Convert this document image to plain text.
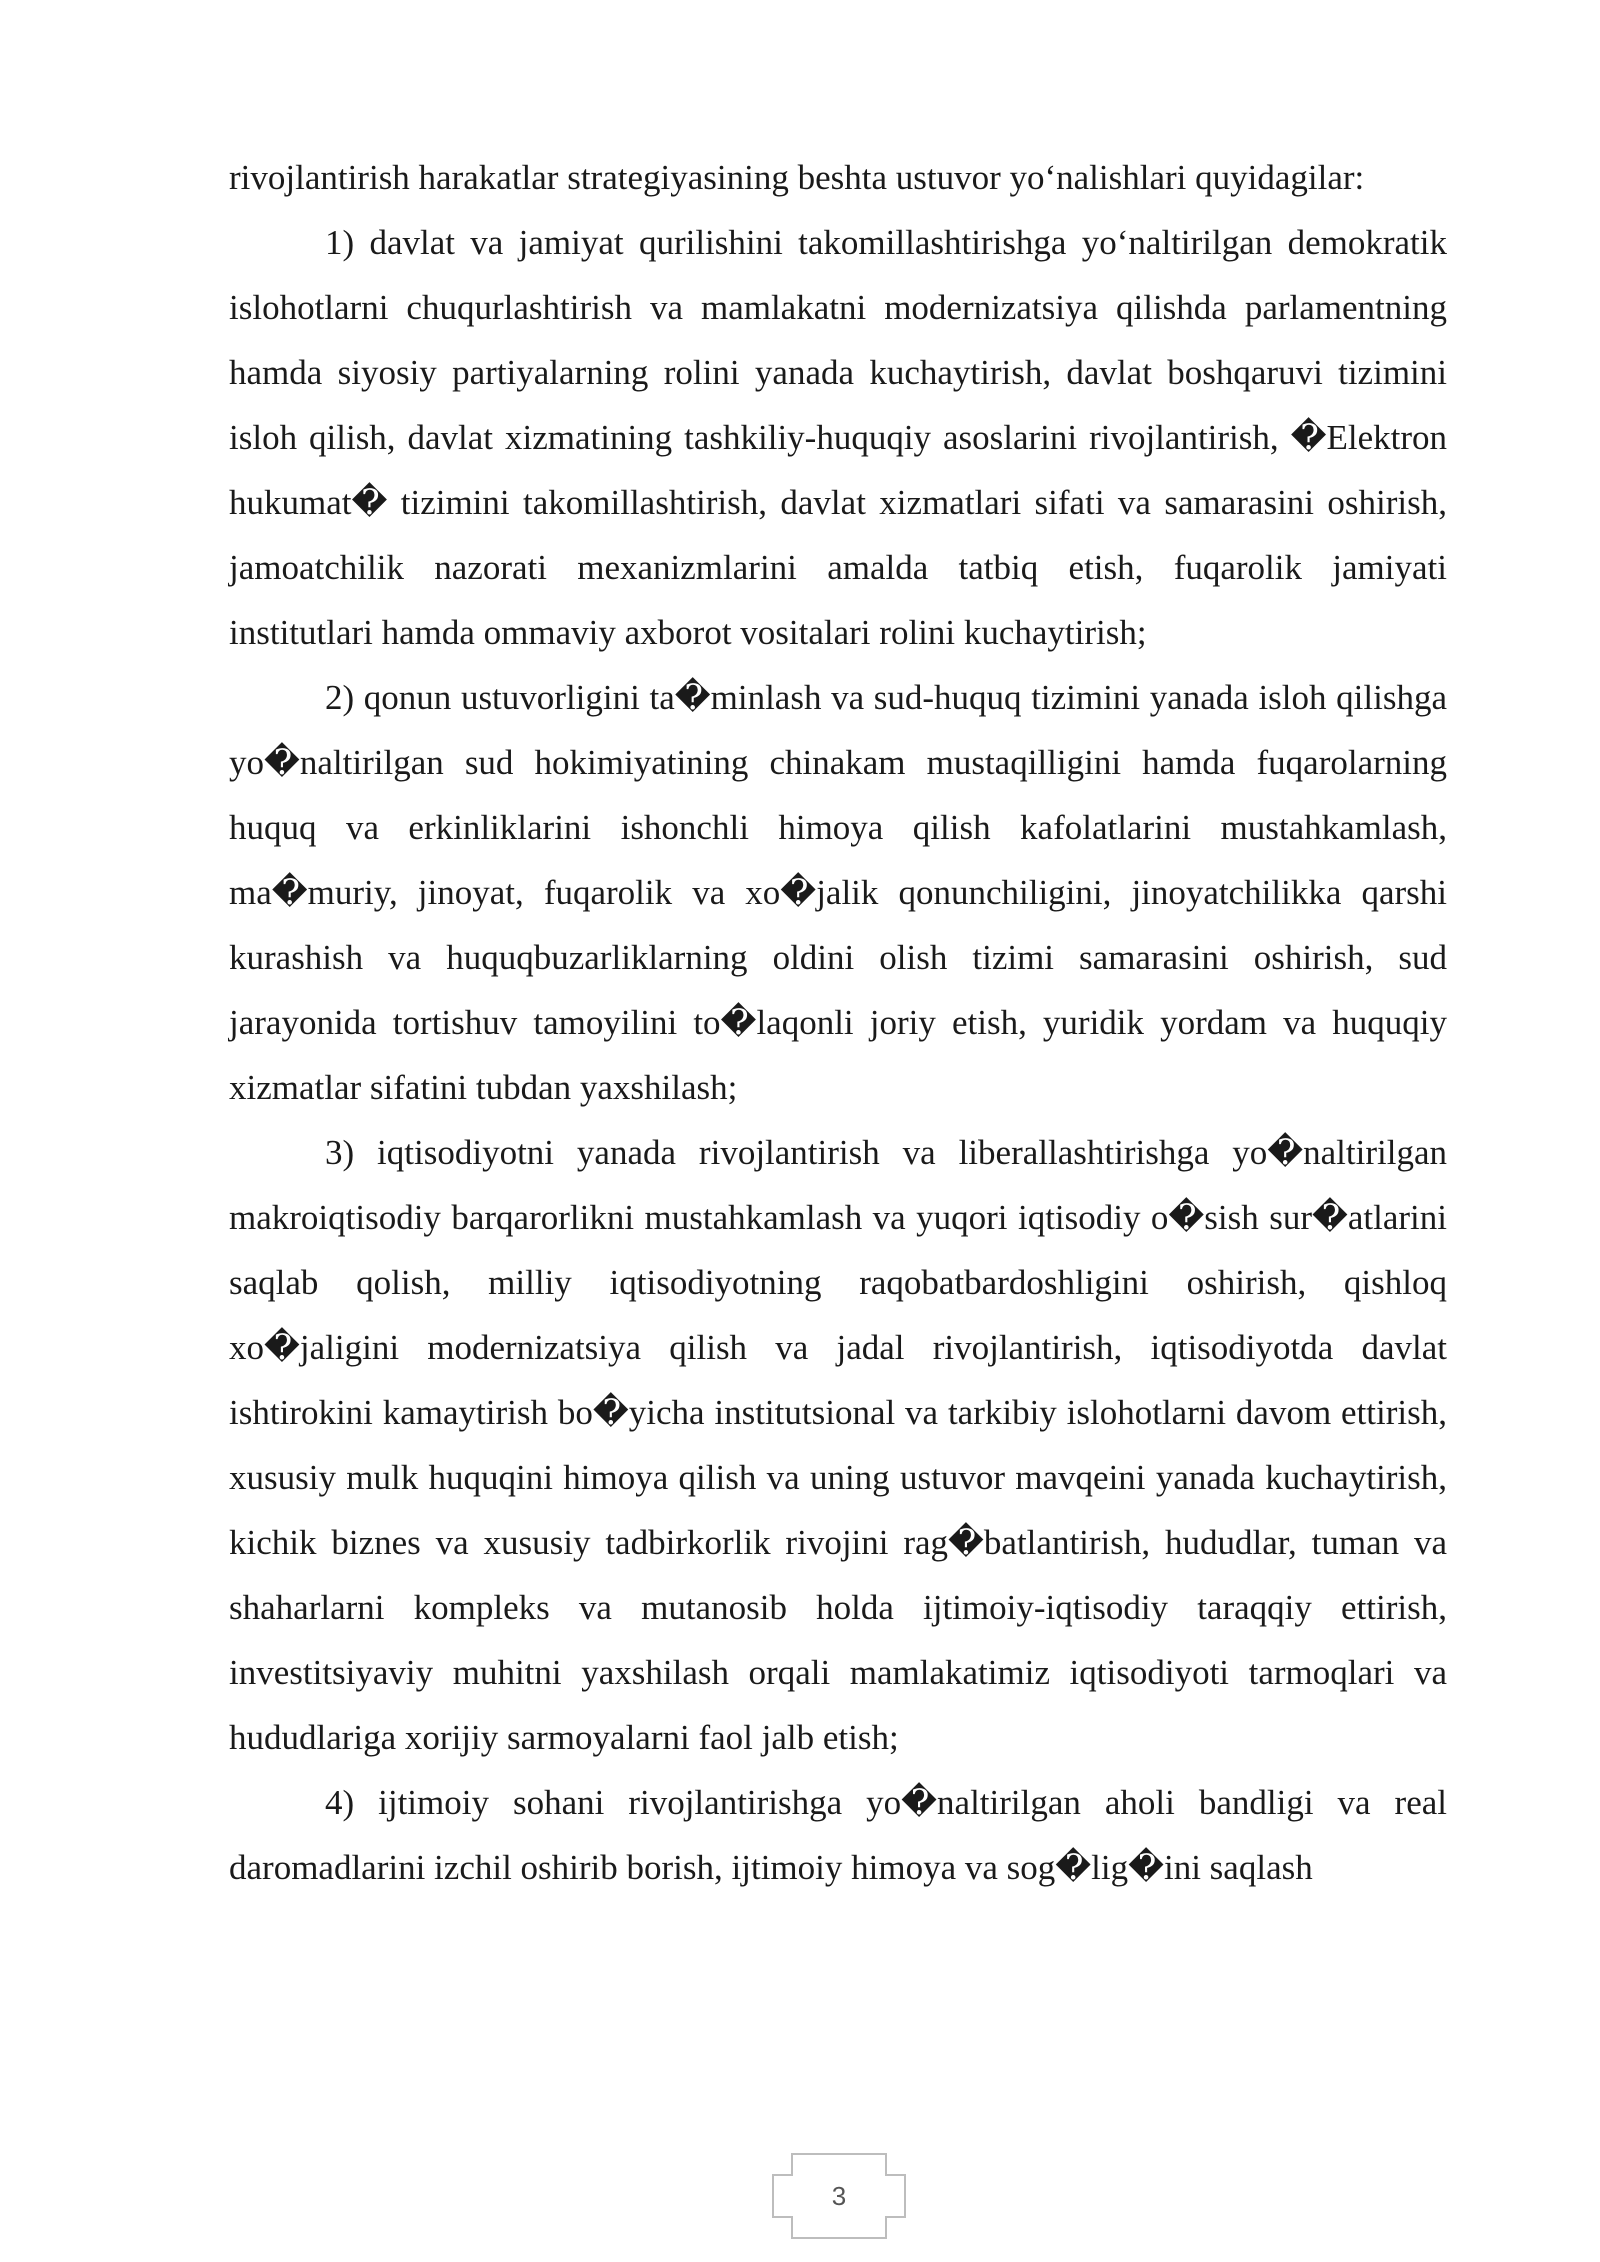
rivojlantirish harakatlar strategiyasining beshta ustuvor yo‘nalishlari quyidagilar:

1) davlat va jamiyat qurilishini takomillashtirishga yo‘naltirilgan demokratik islohotlarni chuqurlashtirish va mamlakatni modernizatsiya qilishda parlamentning hamda siyosiy partiyalarning rolini yanada kuchaytirish, davlat boshqaruvi tizimini isloh qilish, davlat xizmatining tashkiliy-huquqiy asoslarini rivojlantirish, �Elektron hukumat� tizimini takomillashtirish, davlat xizmatlari sifati va samarasini oshirish, jamoatchilik nazorati mexanizmlarini amalda tatbiq etish, fuqarolik jamiyati institutlari hamda ommaviy axborot vositalari rolini kuchaytirish;

2) qonun ustuvorligini ta�minlash va sud-huquq tizimini yanada isloh qilishga yo�naltirilgan sud hokimiyatining chinakam mustaqilligini hamda fuqarolarning huquq va erkinliklarini ishonchli himoya qilish kafolatlarini mustahkamlash, ma�muriy, jinoyat, fuqarolik va xo�jalik qonunchiligini, jinoyatchilikka qarshi kurashish va huquqbuzarliklarning oldini olish tizimi samarasini oshirish, sud jarayonida tortishuv tamoyilini to�laqonli joriy etish, yuridik yordam va huquqiy xizmatlar sifatini tubdan yaxshilash;

3) iqtisodiyotni yanada rivojlantirish va liberallashtirishga yo�naltirilgan makroiqtisodiy barqarorlikni mustahkamlash va yuqori iqtisodiy o�sish sur�atlarini saqlab qolish, milliy iqtisodiyotning raqobatbardoshligini oshirish, qishloq xo�jaligini modernizatsiya qilish va jadal rivojlantirish, iqtisodiyotda davlat ishtirokini kamaytirish bo�yicha institutsional va tarkibiy islohotlarni davom ettirish, xususiy mulk huquqini himoya qilish va uning ustuvor mavqeini yanada kuchaytirish, kichik biznes va xususiy tadbirkorlik rivojini rag�batlantirish, hududlar, tuman va shaharlarni kompleks va mutanosib holda ijtimoiy-iqtisodiy taraqqiy ettirish, investitsiyaviy muhitni yaxshilash orqali mamlakatimiz iqtisodiyoti tarmoqlari va hududlariga xorijiy sarmoyalarni faol jalb etish;

4) ijtimoiy sohani rivojlantirishga yo�naltirilgan aholi bandligi va real daromadlarini izchil oshirib borish, ijtimoiy himoya va sog�lig�ini saqlash

3
